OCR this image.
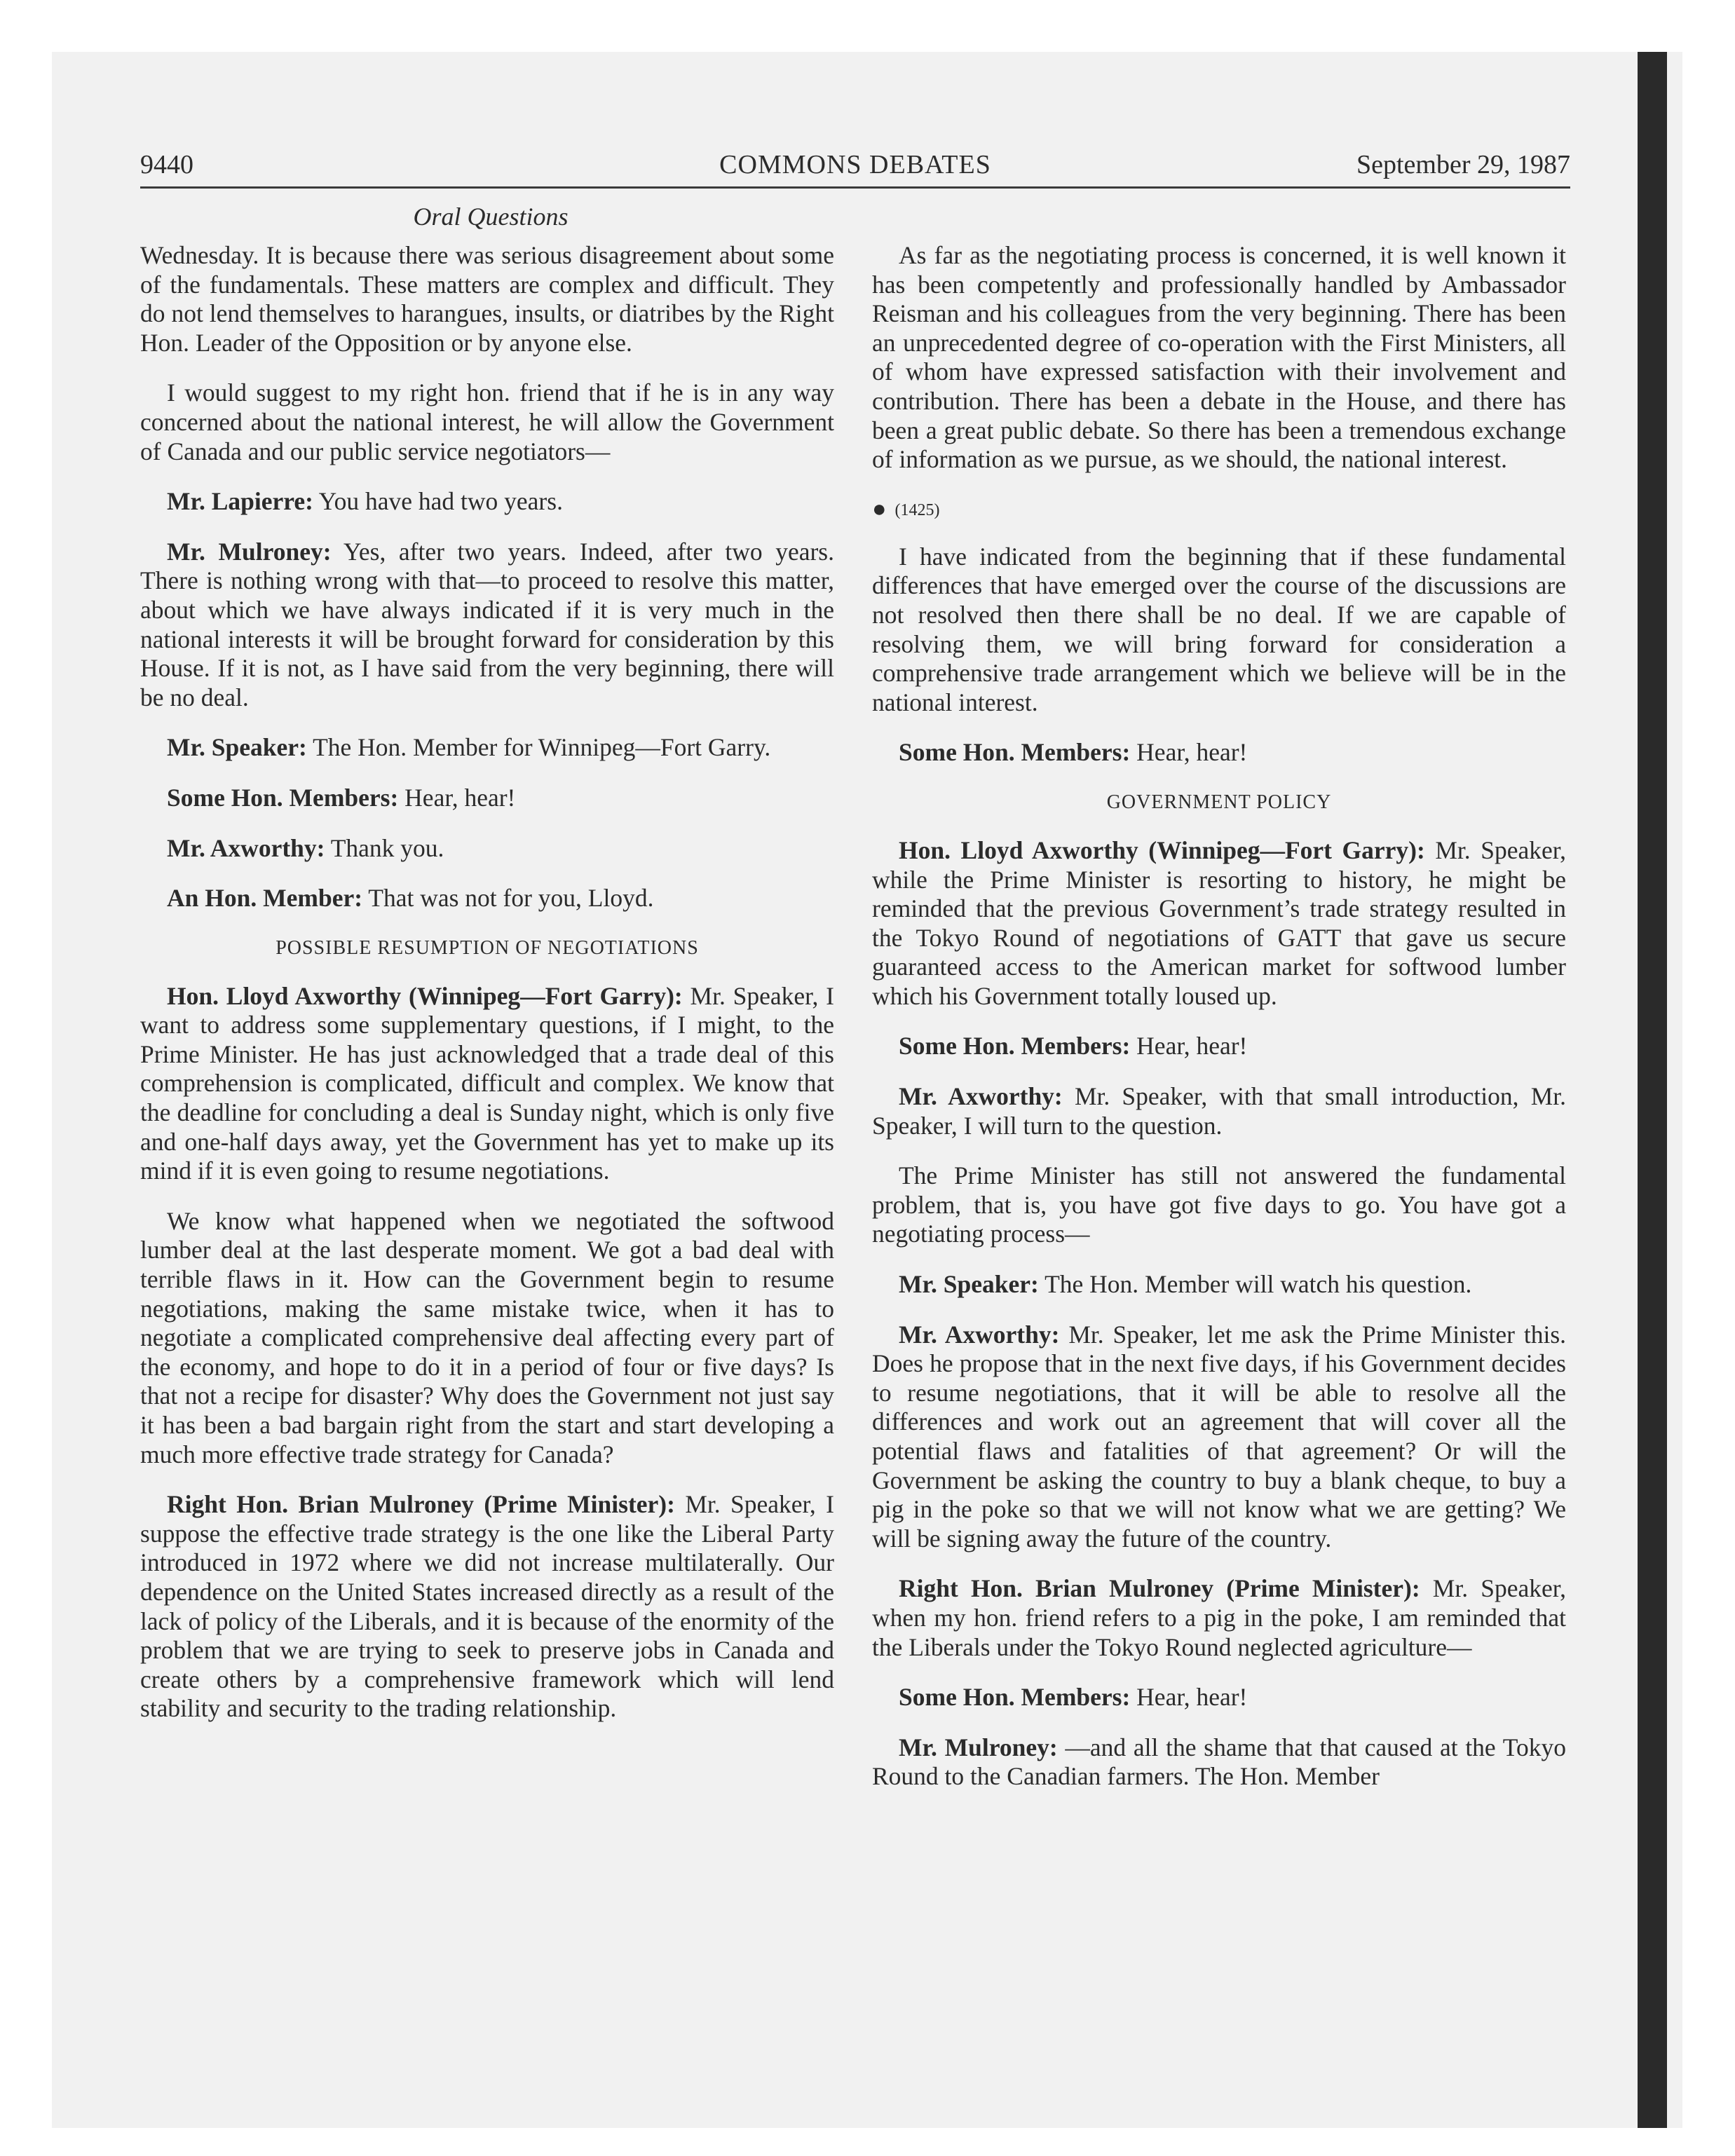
9440	COMMONS DEBATES	September 29, 1987
Oral Questions

Wednesday. It is because there was serious disagreement about some of the fundamentals. These matters are complex and difficult. They do not lend themselves to harangues, insults, or diatribes by the Right Hon. Leader of the Opposition or by anyone else.

I would suggest to my right hon. friend that if he is in any way concerned about the national interest, he will allow the Government of Canada and our public service negotiators—

Mr. Lapierre: You have had two years.

Mr. Mulroney: Yes, after two years. Indeed, after two years. There is nothing wrong with that—to proceed to resolve this matter, about which we have always indicated if it is very much in the national interests it will be brought forward for consideration by this House. If it is not, as I have said from the very beginning, there will be no deal.

Mr. Speaker: The Hon. Member for Winnipeg—Fort Garry.

Some Hon. Members: Hear, hear!

Mr. Axworthy: Thank you.

An Hon. Member: That was not for you, Lloyd.

POSSIBLE RESUMPTION OF NEGOTIATIONS

Hon. Lloyd Axworthy (Winnipeg—Fort Garry): Mr. Speaker, I want to address some supplementary questions, if I might, to the Prime Minister. He has just acknowledged that a trade deal of this comprehension is complicated, difficult and complex. We know that the deadline for concluding a deal is Sunday night, which is only five and one-half days away, yet the Government has yet to make up its mind if it is even going to resume negotiations.

We know what happened when we negotiated the softwood lumber deal at the last desperate moment. We got a bad deal with terrible flaws in it. How can the Government begin to resume negotiations, making the same mistake twice, when it has to negotiate a complicated comprehensive deal affecting every part of the economy, and hope to do it in a period of four or five days? Is that not a recipe for disaster? Why does the Government not just say it has been a bad bargain right from the start and start developing a much more effective trade strategy for Canada?

Right Hon. Brian Mulroney (Prime Minister): Mr. Speaker, I suppose the effective trade strategy is the one like the Liberal Party introduced in 1972 where we did not increase multilaterally. Our dependence on the United States increased directly as a result of the lack of policy of the Liberals, and it is because of the enormity of the problem that we are trying to seek to preserve jobs in Canada and create others by a comprehensive framework which will lend stability and security to the trading relationship.

As far as the negotiating process is concerned, it is well known it has been competently and professionally handled by Ambassador Reisman and his colleagues from the very beginning. There has been an unprecedented degree of co-operation with the First Ministers, all of whom have expressed satisfaction with their involvement and contribution. There has been a debate in the House, and there has been a great public debate. So there has been a tremendous exchange of information as we pursue, as we should, the national interest.

● (1425)

I have indicated from the beginning that if these fundamental differences that have emerged over the course of the discussions are not resolved then there shall be no deal. If we are capable of resolving them, we will bring forward for consideration a comprehensive trade arrangement which we believe will be in the national interest.

Some Hon. Members: Hear, hear!

GOVERNMENT POLICY

Hon. Lloyd Axworthy (Winnipeg—Fort Garry): Mr. Speaker, while the Prime Minister is resorting to history, he might be reminded that the previous Government’s trade strategy resulted in the Tokyo Round of negotiations of GATT that gave us secure guaranteed access to the American market for softwood lumber which his Government totally loused up.

Some Hon. Members: Hear, hear!

Mr. Axworthy: Mr. Speaker, with that small introduction, Mr. Speaker, I will turn to the question.

The Prime Minister has still not answered the fundamental problem, that is, you have got five days to go. You have got a negotiating process—

Mr. Speaker: The Hon. Member will watch his question.

Mr. Axworthy: Mr. Speaker, let me ask the Prime Minister this. Does he propose that in the next five days, if his Government decides to resume negotiations, that it will be able to resolve all the differences and work out an agreement that will cover all the potential flaws and fatalities of that agreement? Or will the Government be asking the country to buy a blank cheque, to buy a pig in the poke so that we will not know what we are getting? We will be signing away the future of the country.

Right Hon. Brian Mulroney (Prime Minister): Mr. Speaker, when my hon. friend refers to a pig in the poke, I am reminded that the Liberals under the Tokyo Round neglected agriculture—

Some Hon. Members: Hear, hear!

Mr. Mulroney: —and all the shame that that caused at the Tokyo Round to the Canadian farmers. The Hon. Member
